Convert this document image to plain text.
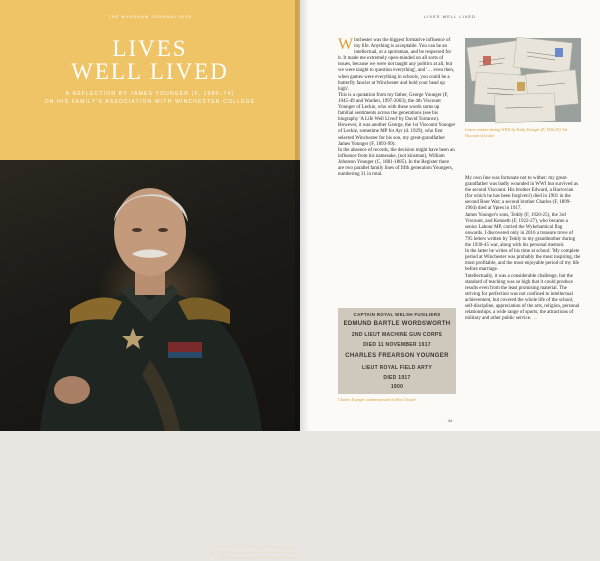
THE WYKEHAM JOURNAL 2025
LIVES
WELL LIVED
A REFLECTION BY JAMES YOUNGER (F, 1980–74)
ON HIS FAMILY'S ASSOCIATION WITH WINCHESTER COLLEGE
James Younger (F, 1893–95) 1st Viscount of Leckie,
the author's great-grandfather in his Royal Company
of Archers uniform painted by Stanley Cursiter
LIVES WELL LIVED

Winchester was the biggest formative influence of my life. Anything is acceptable. You can be an intellectual, or a sportsman, and be respected for it. It made me extremely open-minded on all sorts of issues, because we were not taught any politics at all, but we were taught to question everything', and '… even then, when games were everything in schools, you could be a butterfly fancier at Winchester and hold your head up high'.

This is a quotation from my father, George Younger (F, 1945-49 and Warden, 1997-2003), the 4th Viscount Younger of Leckie, who with these words sums up familial sentiments across the generations (see his biography 'A Life Well Lived' by David Torrance).

However, it was another George, the 1st Viscount Younger of Leckie, sometime MP for Ayr (d. 1929), who first selected Winchester for his son, my great-grandfather James Younger (F, 1893-99).

In the absence of records, the decision might have been an influence from his namesake, (not kinsman), William Johnston Younger (C, 1881-1885). In the Register there are two parallel family lines of fifth generation Youngers, numbering 31 in total.

Letters written during WWII by Teddy Younger (F, 1920-25) 3rd Viscount of Leckie

My own line was fortunate not to wither: my great-grandfather was badly wounded in WWI but survived as the second Viscount. His brother Edward, a Harrovian (for which he has been forgiven!) died in 1901 in the second Boer War; a second brother Charles (F, 1899-1904) died at Ypres in 1917.

James Younger's sons, Teddy (F, 1920-25), the 3rd Viscount, and Kenneth (F, 1922-27), who became a senior Labour MP, carried the Wykehamical flag onwards. I discovered only in 2016 a treasure trove of 795 letters written by Teddy to my grandmother during the 1930-45 war, along with his personal memoir.

In the latter he writes of his time at school: 'My complete period at Winchester was probably the most inspiring, the most profitable, and the most enjoyable period of my life before marriage.

'Intellectually, it was a considerable challenge, but the standard of teaching was so high that it could produce results even from the least promising material. The striving for perfection was not confined to intellectual achievement, but covered the whole life of the school, self-discipline, appreciation of the arts, religion, personal relationships, a wide range of sports, the attractions of military and other public service. →

CAPTAIN ROYAL WELSH FUSILIERS
EDMUND BARTLE WORDSWORTH
2ND LIEUT MACHINE GUN CORPS
DIED 11 NOVEMBER 1917
CHARLES FREARSON YOUNGER
LIEUT ROYAL FIELD ARTY
DIED 1917
1900
Charles Younger commemorated in War Cloister
44
